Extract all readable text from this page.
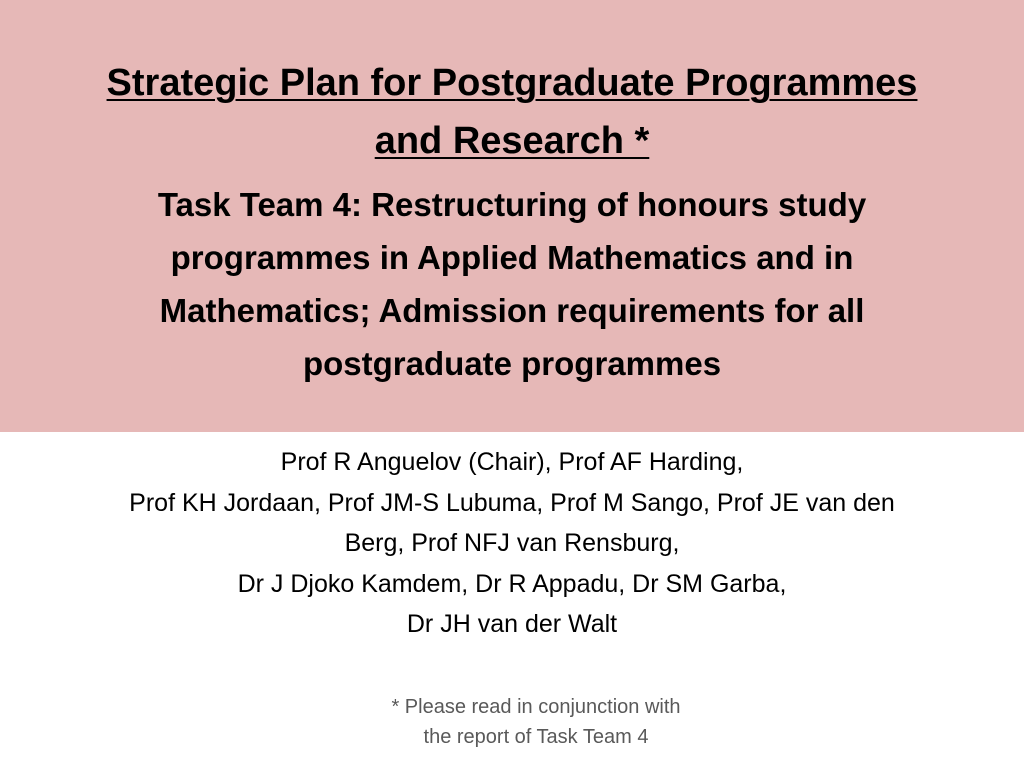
Strategic Plan for Postgraduate Programmes
and Research *
Task Team 4: Restructuring of honours study
programmes in Applied Mathematics and in
Mathematics; Admission requirements for all
postgraduate programmes
Prof R Anguelov (Chair), Prof AF Harding,
Prof KH Jordaan, Prof JM-S Lubuma, Prof M Sango, Prof JE van den
Berg, Prof NFJ van Rensburg,
Dr J Djoko Kamdem, Dr R Appadu, Dr SM Garba,
Dr JH van der Walt
* Please read in conjunction with
the report of Task Team 4
